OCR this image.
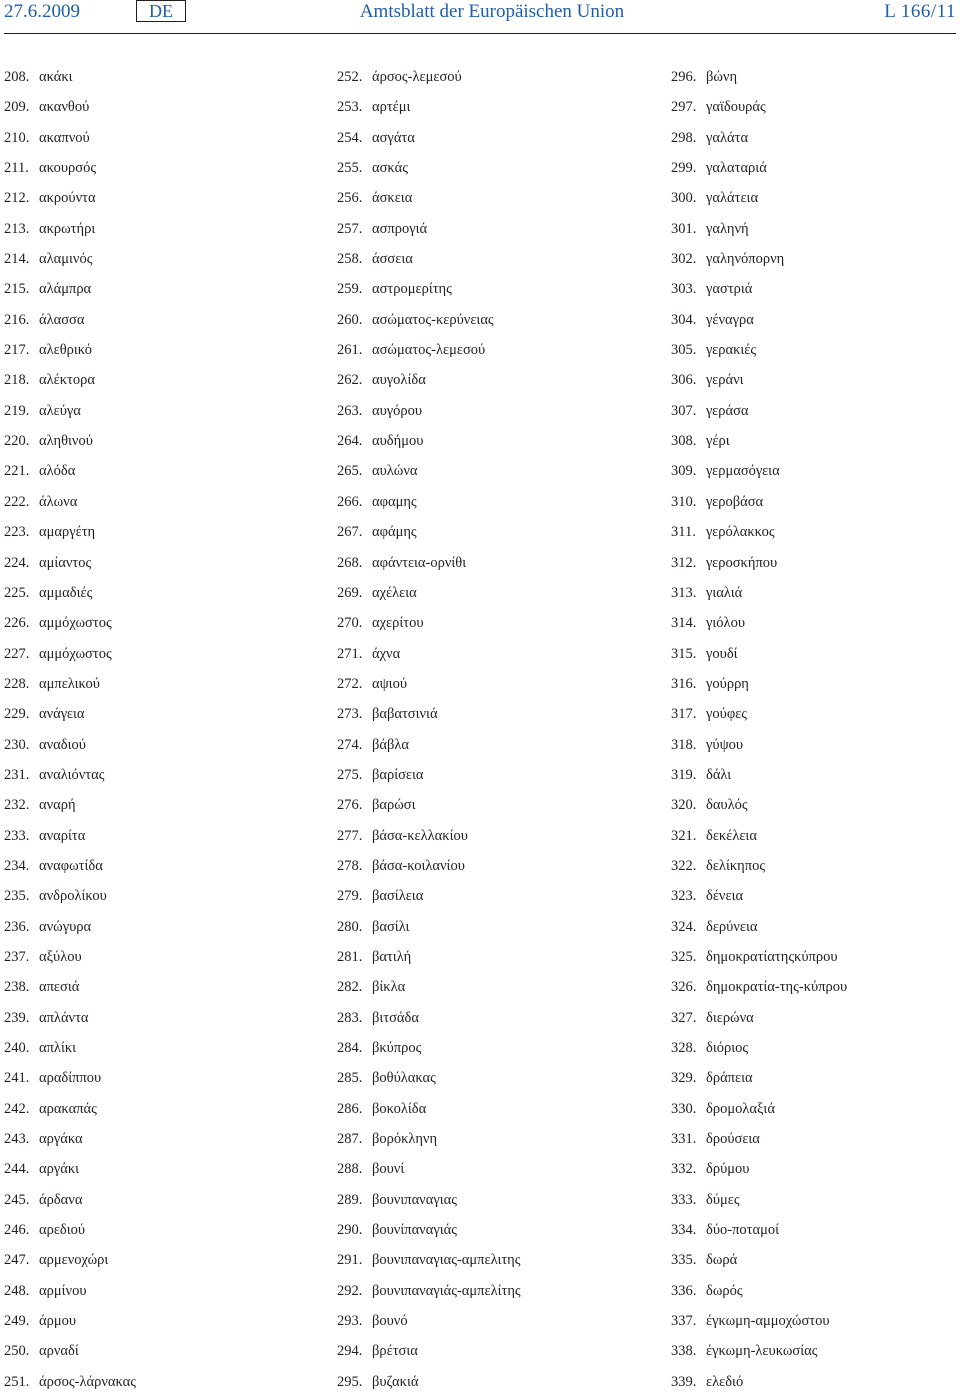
27.6.2009	DE	Amtsblatt der Europäischen Union	L 166/11
208. ακάκι
209. ακανθού
210. ακαπνού
211. ακουρσός
212. ακρούντα
213. ακρωτήρι
214. αλαμινός
215. αλάμπρα
216. άλασσα
217. αλεθρικό
218. αλέκτορα
219. αλεύγα
220. αληθινού
221. αλόδα
222. άλωνα
223. αμαργέτη
224. αμίαντος
225. αμμαδιές
226. αμμόχωστος
227. αμμόχωστος
228. αμπελικού
229. ανάγεια
230. αναδιού
231. αναλιόντας
232. αναρή
233. αναρίτα
234. αναφωτίδα
235. ανδρολίκου
236. ανώγυρα
237. αξύλου
238. απεσιά
239. απλάντα
240. απλίκι
241. αραδίππου
242. αρακαπάς
243. αργάκα
244. αργάκι
245. άρδανα
246. αρεδιού
247. αρμενοχώρι
248. αρμίνου
249. άρμου
250. αρναδί
251. άρσος-λάρνακας
252. άρσος-λεμεσού
253. αρτέμι
254. ασγάτα
255. ασκάς
256. άσκεια
257. ασπρογιά
258. άσσεια
259. αστρομερίτης
260. ασώματος-κερύνειας
261. ασώματος-λεμεσού
262. αυγολίδα
263. αυγόρου
264. αυδήμου
265. αυλώνα
266. αφαμης
267. αφάμης
268. αφάντεια-ορνίθι
269. αχέλεια
270. αχερίτου
271. άχνα
272. αψιού
273. βαβατσινιά
274. βάβλα
275. βαρίσεια
276. βαρώσι
277. βάσα-κελλακίου
278. βάσα-κοιλανίου
279. βασίλεια
280. βασίλι
281. βατιλή
282. βίκλα
283. βιτσάδα
284. βκύπρος
285. βοθύλακας
286. βοκολίδα
287. βορόκληνη
288. βουνί
289. βουνιπαναγιας
290. βουνίπαναγιάς
291. βουνιπαναγιας-αμπελιτης
292. βουνιπαναγιάς-αμπελίτης
293. βουνό
294. βρέτσια
295. βυζακιά
296. βώνη
297. γαϊδουράς
298. γαλάτα
299. γαλαταριά
300. γαλάτεια
301. γαληνή
302. γαληνόπορνη
303. γαστριά
304. γέναγρα
305. γερακιές
306. γεράνι
307. γεράσα
308. γέρι
309. γερμασόγεια
310. γεροβάσα
311. γερόλακκος
312. γεροσκήπου
313. γιαλιά
314. γιόλου
315. γουδί
316. γούρρη
317. γούφες
318. γύψου
319. δάλι
320. δαυλός
321. δεκέλεια
322. δελίκηπος
323. δένεια
324. δερύνεια
325. δημοκρατίατηςκύπρου
326. δημοκρατία-της-κύπρου
327. διερώνα
328. διόριος
329. δράπεια
330. δρομολαξιά
331. δρούσεια
332. δρύμου
333. δύμες
334. δύο-ποταμοί
335. δωρά
336. δωρός
337. έγκωμη-αμμοχώστου
338. έγκωμη-λευκωσίας
339. ελεδιό
